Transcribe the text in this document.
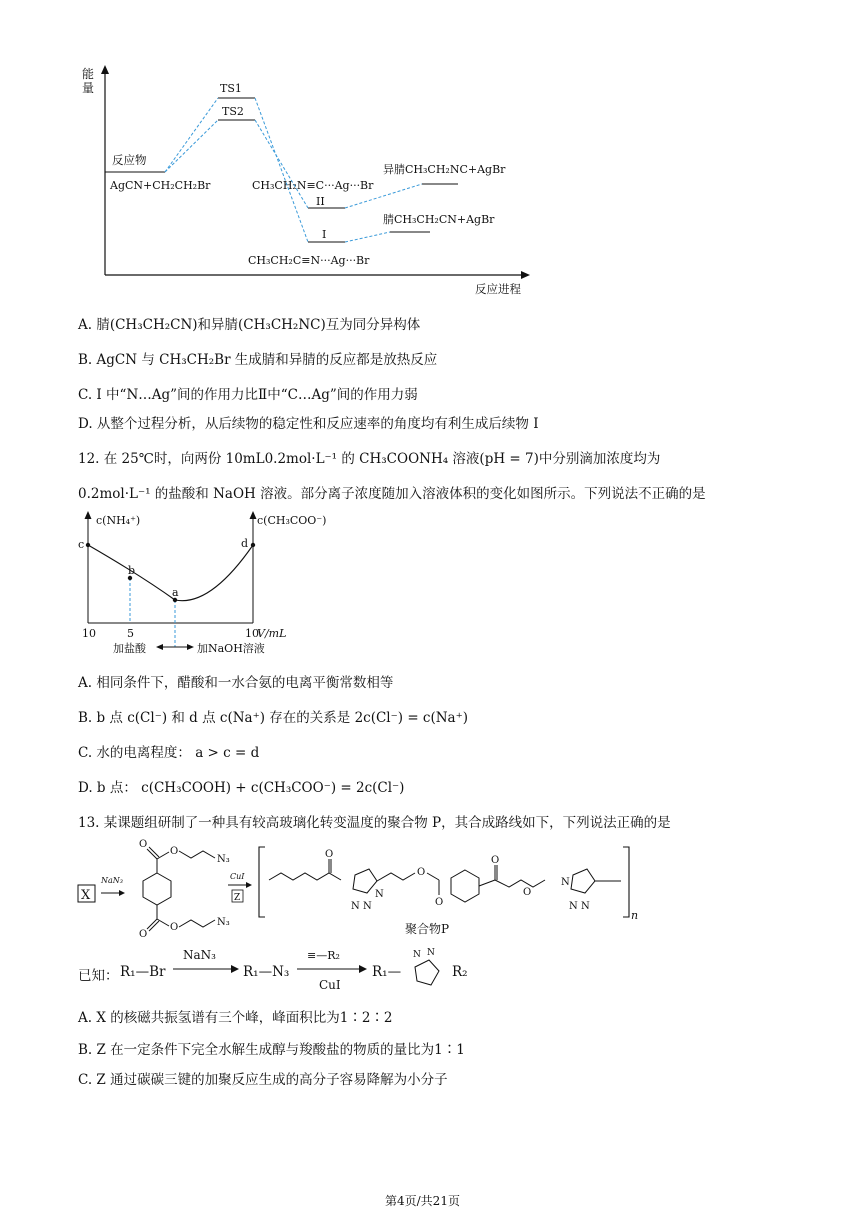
能
量
反应进程
反应物
AgCN+CH₂CH₂Br
TS1
TS2
CH₃CH₂N≡C···Ag···Br
II
I
CH₃CH₂C≡N···Ag···Br
异腈CH₃CH₂NC+AgBr
腈CH₃CH₂CN+AgBr
A. 腈(CH₃CH₂CN)和异腈(CH₃CH₂NC)互为同分异构体
B. AgCN 与 CH₃CH₂Br 生成腈和异腈的反应都是放热反应
C. I 中“N…Ag”间的作用力比Ⅱ中“C…Ag”间的作用力弱
D. 从整个过程分析，从后续物的稳定性和反应速率的角度均有利生成后续物 I
12. 在 25℃时，向两份 10mL0.2mol·L⁻¹ 的 CH₃COONH₄ 溶液(pH = 7)中分别滴加浓度均为
0.2mol·L⁻¹ 的盐酸和 NaOH 溶液。部分离子浓度随加入溶液体积的变化如图所示。下列说法不正确的是
c(NH₄⁺)	c(CH₃COO⁻)
c
b
a
d
10	5	10
V/mL
加盐酸	加NaOH溶液
A. 相同条件下，醋酸和一水合氨的电离平衡常数相等
B. b 点 c(Cl⁻) 和 d 点 c(Na⁺) 存在的关系是 2c(Cl⁻) = c(Na⁺)
C. 水的电离程度： a > c = d
D. b 点： c(CH₃COOH) + c(CH₃COO⁻) = 2c(Cl⁻)
13. 某课题组研制了一种具有较高玻璃化转变温度的聚合物 P，其合成路线如下，下列说法正确的是
X
NaN₃
O
O
N₃
O
O	N₃
CuI
Z
n
O
N N
N
O
O
O
O
N N
N
聚合物P
已知： R₁—Br
NaN₃	≡—R₂
CuI
N N
R₁—N₃	R₁—	R₂
A. X 的核磁共振氢谱有三个峰，峰面积比为1∶2∶2
B. Z 在一定条件下完全水解生成醇与羧酸盐的物质的量比为1∶1
C. Z 通过碳碳三键的加聚反应生成的高分子容易降解为小分子
第4页/共21页
